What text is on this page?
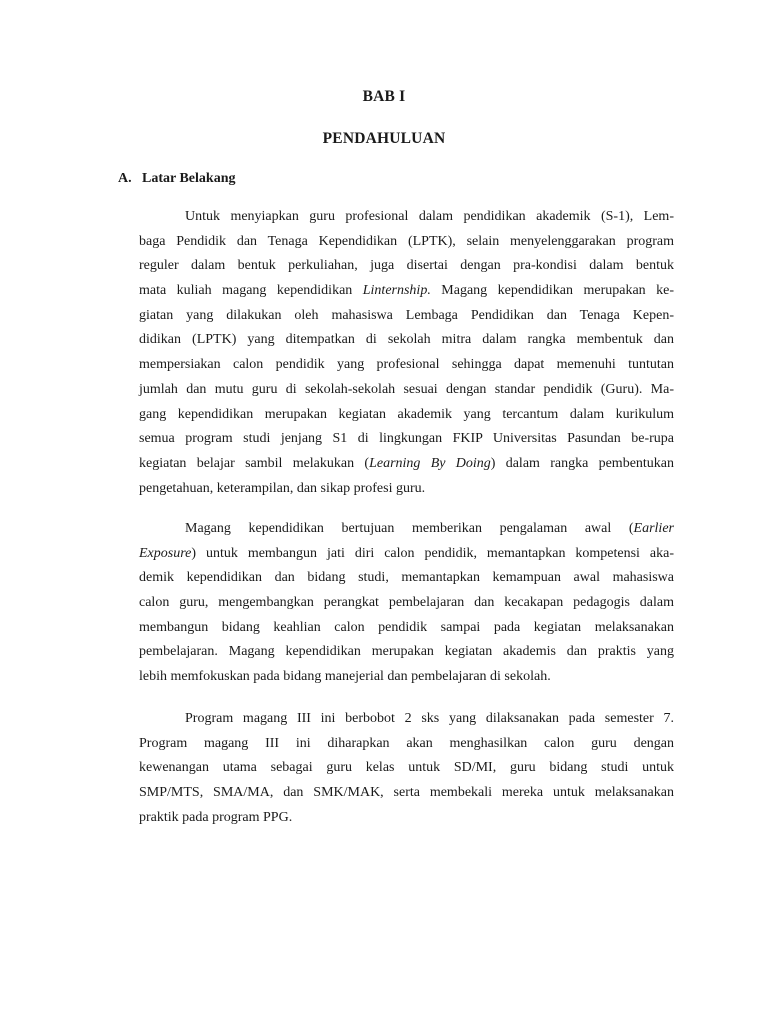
BAB I
PENDAHULUAN
A. Latar Belakang
Untuk menyiapkan guru profesional dalam pendidikan akademik (S-1), Lem-
baga Pendidik dan Tenaga Kependidikan (LPTK), selain menyelenggarakan program
reguler dalam bentuk perkuliahan, juga disertai dengan pra-kondisi dalam bentuk
mata kuliah magang kependidikan Linternship. Magang kependidikan merupakan ke-
giatan yang dilakukan oleh mahasiswa Lembaga Pendidikan dan Tenaga Kepen-
didikan (LPTK) yang ditempatkan di sekolah mitra dalam rangka membentuk dan
mempersiakan calon pendidik yang profesional sehingga dapat memenuhi tuntutan
jumlah dan mutu guru di sekolah-sekolah sesuai dengan standar pendidik (Guru). Ma-
gang kependidikan merupakan kegiatan akademik yang tercantum dalam kurikulum
semua program studi jenjang S1 di lingkungan FKIP Universitas Pasundan be-rupa
kegiatan belajar sambil melakukan (Learning By Doing) dalam rangka pembentukan
pengetahuan, keterampilan, dan sikap profesi guru.
Magang kependidikan bertujuan memberikan pengalaman awal (Earlier
Exposure) untuk membangun jati diri calon pendidik, memantapkan kompetensi aka-
demik kependidikan dan bidang studi, memantapkan kemampuan awal mahasiswa
calon guru, mengembangkan perangkat pembelajaran dan kecakapan pedagogis dalam
membangun bidang keahlian calon pendidik sampai pada kegiatan melaksanakan
pembelajaran. Magang kependidikan merupakan kegiatan akademis dan praktis yang
lebih memfokuskan pada bidang manejerial dan pembelajaran di sekolah.
Program magang III ini berbobot 2 sks yang dilaksanakan pada semester 7.
Program magang III ini diharapkan akan menghasilkan calon guru dengan
kewenangan utama sebagai guru kelas untuk SD/MI, guru bidang studi untuk
SMP/MTS, SMA/MA, dan SMK/MAK, serta membekali mereka untuk melaksanakan
praktik pada program PPG.
